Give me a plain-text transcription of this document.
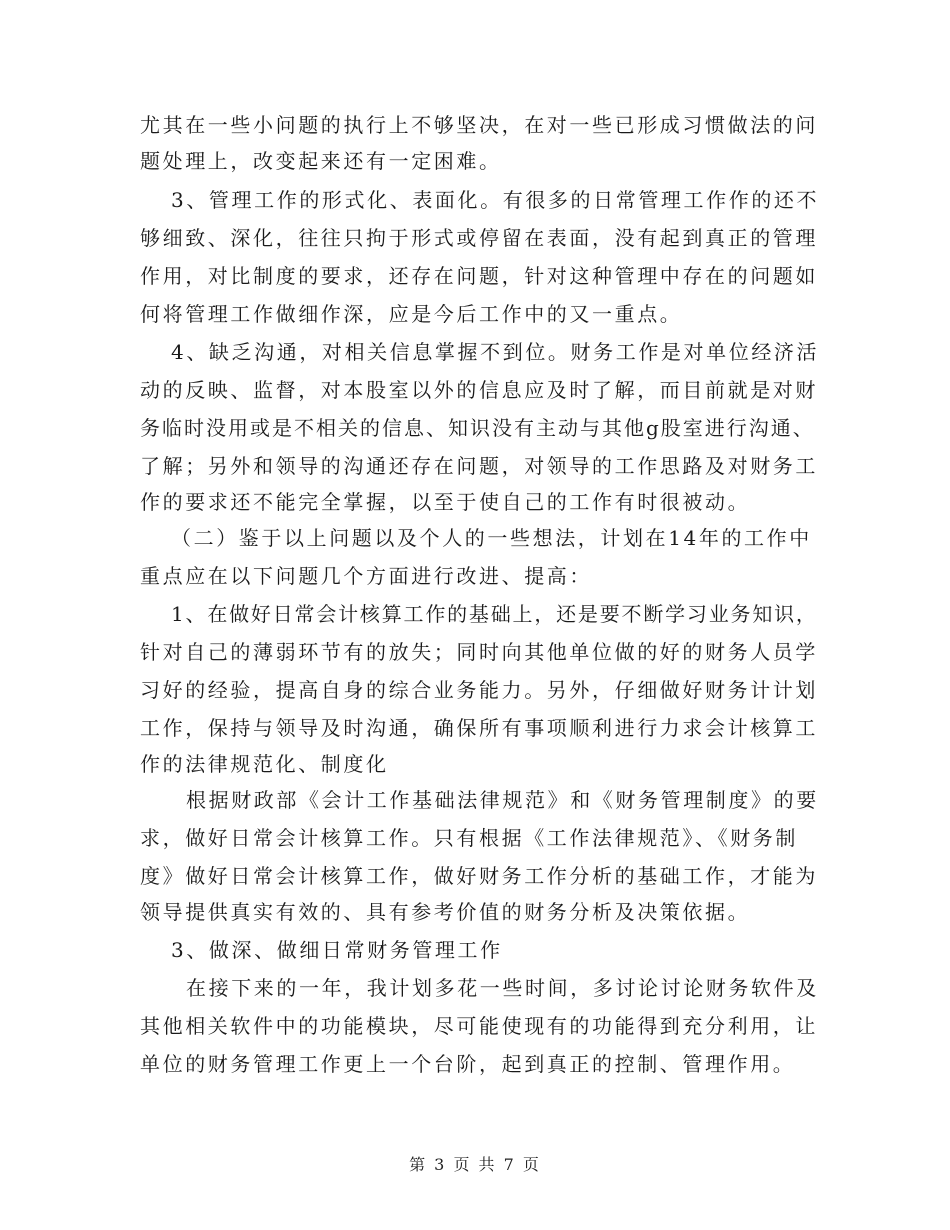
尤其在一些小问题的执行上不够坚决，在对一些已形成习惯做法的问
题处理上，改变起来还有一定困难。
3、管理工作的形式化、表面化。有很多的日常管理工作作的还不
够细致、深化，往往只拘于形式或停留在表面，没有起到真正的管理
作用，对比制度的要求，还存在问题，针对这种管理中存在的问题如
何将管理工作做细作深，应是今后工作中的又一重点。
4、缺乏沟通，对相关信息掌握不到位。财务工作是对单位经济活
动的反映、监督，对本股室以外的信息应及时了解，而目前就是对财
务临时没用或是不相关的信息、知识没有主动与其他g股室进行沟通、
了解；另外和领导的沟通还存在问题，对领导的工作思路及对财务工
作的要求还不能完全掌握，以至于使自己的工作有时很被动。
（二）鉴于以上问题以及个人的一些想法，计划在14年的工作中
重点应在以下问题几个方面进行改进、提高：
1、在做好日常会计核算工作的基础上，还是要不断学习业务知识，
针对自己的薄弱环节有的放失；同时向其他单位做的好的财务人员学
习好的经验，提高自身的综合业务能力。另外，仔细做好财务计计划
工作，保持与领导及时沟通，确保所有事项顺利进行力求会计核算工
作的法律规范化、制度化
根据财政部《会计工作基础法律规范》和《财务管理制度》的要
求，做好日常会计核算工作。只有根据《工作法律规范》、《财务制
度》做好日常会计核算工作，做好财务工作分析的基础工作，才能为
领导提供真实有效的、具有参考价值的财务分析及决策依据。
3、做深、做细日常财务管理工作
在接下来的一年，我计划多花一些时间，多讨论讨论财务软件及
其他相关软件中的功能模块，尽可能使现有的功能得到充分利用，让
单位的财务管理工作更上一个台阶，起到真正的控制、管理作用。
第 3 页 共 7 页
